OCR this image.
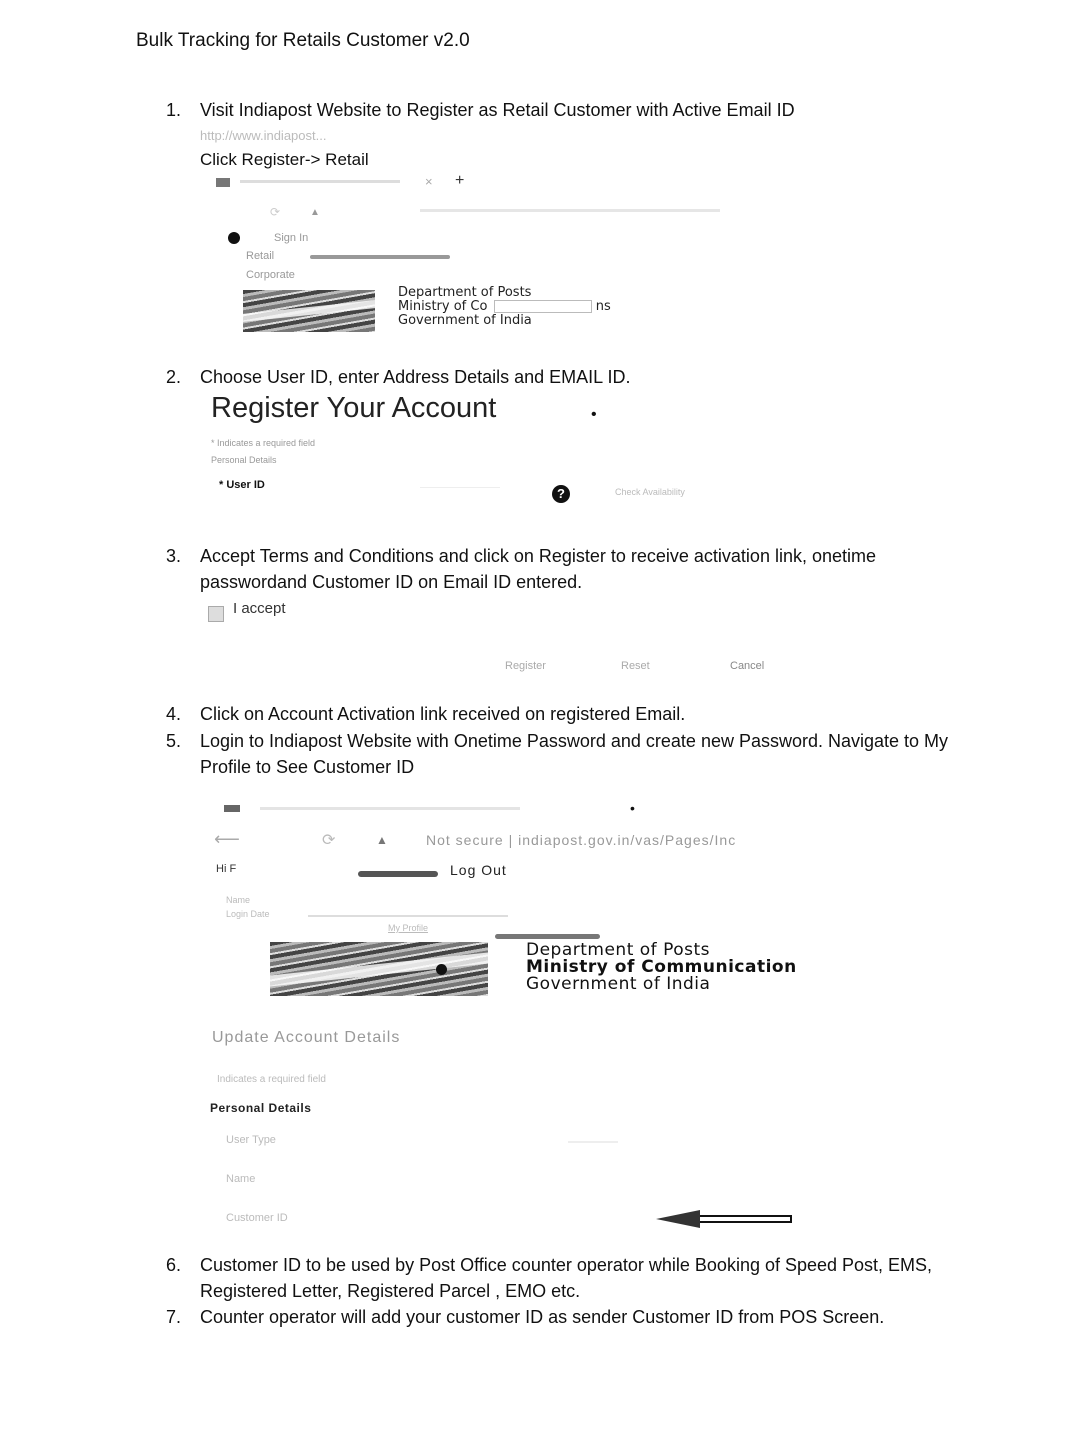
Bulk Tracking for Retails Customer v2.0
1. Visit Indiapost Website to Register as Retail Customer with Active Email ID
http://www.indiapost...
Click Register-> Retail
× +
⟳	▲
Sign In
Retail
Corporate
Department of Posts
Ministry of Co	ns
Government of India
2. Choose User ID, enter Address Details and EMAIL ID.
Register Your Account	•
* Indicates a required field
Personal Details
* User ID
?	Check Availability
3. Accept Terms and Conditions and click on Register to receive activation link, onetime passwordand Customer ID on Email ID entered.
I accept
Register	Reset	Cancel
4. Click on Account Activation link received on registered Email.
5. Login to Indiapost Website with Onetime Password and create new Password. Navigate to My Profile to See Customer ID
•
⟵	⟳	▲	Not secure | indiapost.gov.in/vas/Pages/Inc
Hi F	Log Out
Name
Login Date
My Profile
Department of Posts
Ministry of Communication
Government of India
Update Account Details
Indicates a required field
Personal Details
User Type
Name
Customer ID
6. Customer ID to be used by Post Office counter operator while Booking of Speed Post, EMS, Registered Letter, Registered Parcel , EMO etc.
7. Counter operator will add your customer ID as sender Customer ID from POS Screen.
